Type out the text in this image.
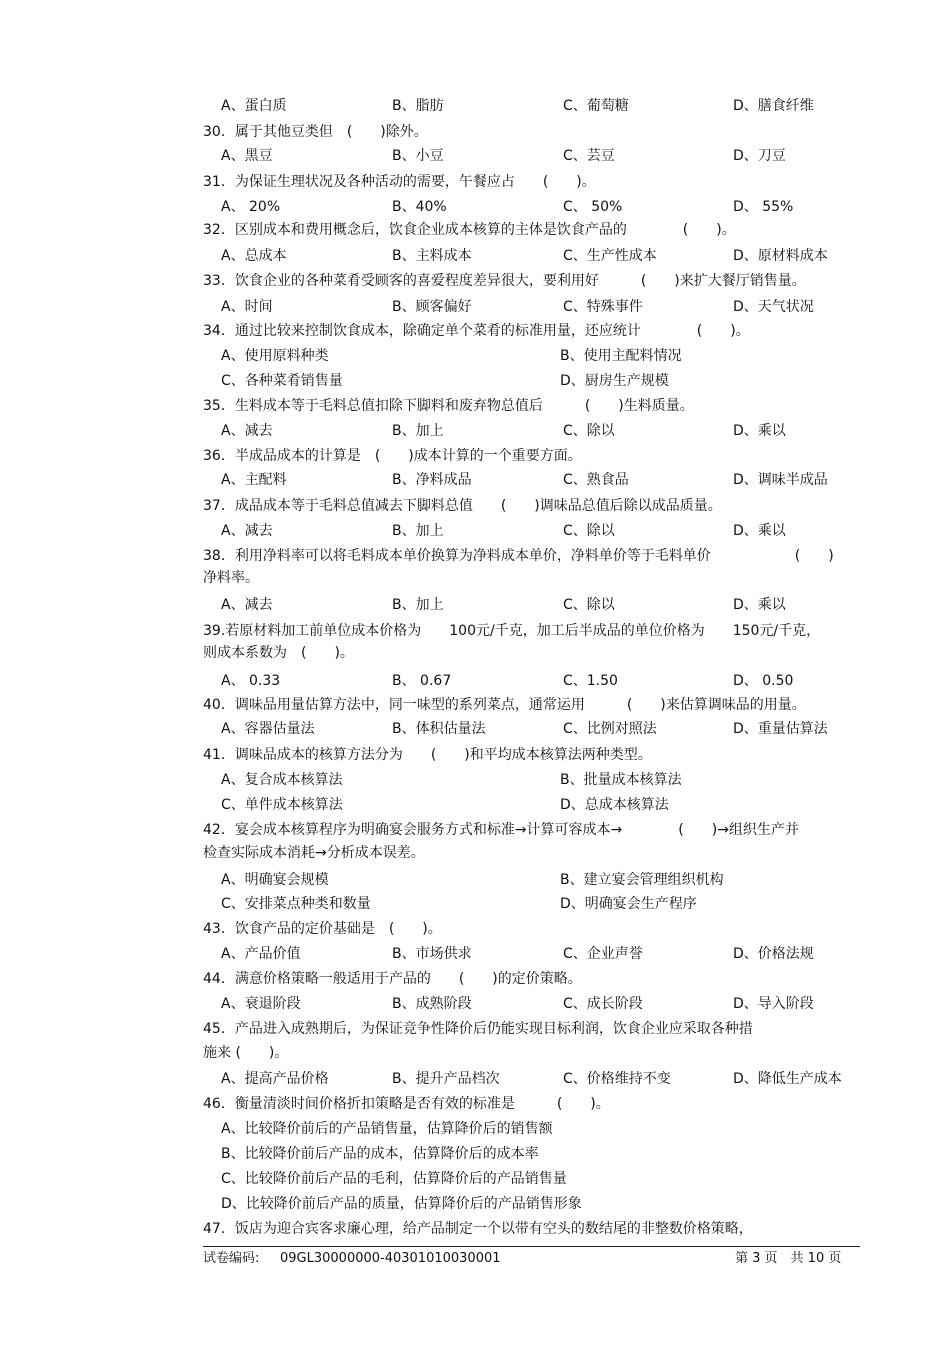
A、蛋白质	B、脂肪	C、葡萄糖	D、膳食纤维
30．属于其他豆类但　(　　)除外。
A、黑豆	B、小豆	C、芸豆	D、刀豆
31．为保证生理状况及各种活动的需要，午餐应占　　(　　)。
A、 20%	B、40%	C、 50%	D、 55%
32．区别成本和费用概念后，饮食企业成本核算的主体是饮食产品的　　　　(　　)。
A、总成本	B、主料成本	C、生产性成本	D、原材料成本
33．饮食企业的各种菜肴受顾客的喜爱程度差异很大，要利用好　　　(　　)来扩大餐厅销售量。
A、时间	B、顾客偏好	C、特殊事件	D、天气状况
34．通过比较来控制饮食成本，除确定单个菜肴的标准用量，还应统计　　　　(　　)。
A、使用原料种类	B、使用主配料情况
C、各种菜肴销售量	D、厨房生产规模
35．生料成本等于毛料总值扣除下脚料和废弃物总值后　　　(　　)生料质量。
A、减去	B、加上	C、除以	D、乘以
36．半成品成本的计算是　(　　)成本计算的一个重要方面。
A、主配料	B、净料成品	C、熟食品	D、调味半成品
37．成品成本等于毛料总值减去下脚料总值　　(　　)调味品总值后除以成品质量。
A、减去	B、加上	C、除以	D、乘以
38．利用净料率可以将毛料成本单价换算为净料成本单价，净料单价等于毛料单价　　　　　　(　　)
净料率。
A、减去	B、加上	C、除以	D、乘以
39.若原材料加工前单位成本价格为　　100元/千克，加工后半成品的单位价格为　　150元/千克，
则成本系数为　(　　)。
A、 0.33	B、 0.67	C、1.50	D、 0.50
40．调味品用量估算方法中，同一味型的系列菜点，通常运用　　　(　　)来估算调味品的用量。
A、容器估量法	B、体积估量法	C、比例对照法	D、重量估算法
41．调味品成本的核算方法分为　　(　　)和平均成本核算法两种类型。
A、复合成本核算法	B、批量成本核算法
C、单件成本核算法	D、总成本核算法
42．宴会成本核算程序为明确宴会服务方式和标准→计算可容成本→　　　　(　　)→组织生产并
检查实际成本消耗→分析成本误差。
A、明确宴会规模	B、建立宴会管理组织机构
C、安排菜点种类和数量	D、明确宴会生产程序
43．饮食产品的定价基础是　(　　)。
A、产品价值	B、市场供求	C、企业声誉	D、价格法规
44．满意价格策略一般适用于产品的　　(　　)的定价策略。
A、衰退阶段	B、成熟阶段	C、成长阶段	D、导入阶段
45．产品进入成熟期后，为保证竞争性降价后仍能实现目标利润，饮食企业应采取各种措
施来 (　　)。
A、提高产品价格	B、提升产品档次	C、价格维持不变	D、降低生产成本
46．衡量清淡时间价格折扣策略是否有效的标准是　　　(　　)。
A、比较降价前后的产品销售量，估算降价后的销售额
B、比较降价前后产品的成本，估算降价后的成本率
C、比较降价前后产品的毛利，估算降价后的产品销售量
D、比较降价前后产品的质量，估算降价后的产品销售形象
47．饭店为迎合宾客求廉心理，给产品制定一个以带有空头的数结尾的非整数价格策略，
试卷编码: 09GL30000000-40301010030001	第 3 页　共 10 页
